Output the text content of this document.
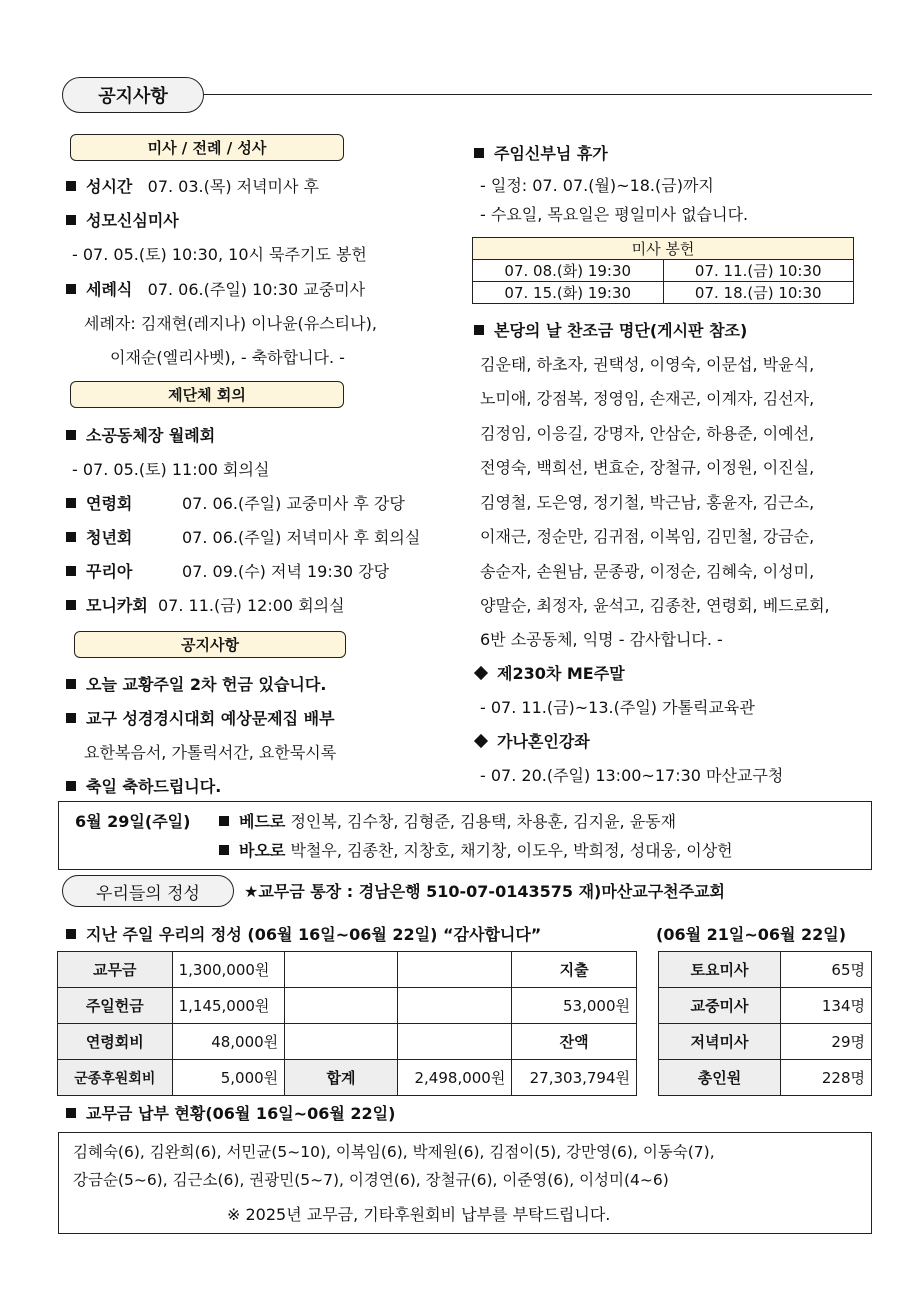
공지사항
미사 / 전례 / 성사
성시간 07. 03.(목) 저녁미사 후
성모신심미사
- 07. 05.(토) 10:30, 10시 묵주기도 봉헌
세례식 07. 06.(주일) 10:30 교중미사
세례자: 김재현(레지나) 이나윤(유스티나),
이재순(엘리사벳), - 축하합니다. -
제단체 회의
소공동체장 월례회
- 07. 05.(토) 11:00 회의실
연령회	07. 06.(주일) 교중미사 후 강당
청년회	07. 06.(주일) 저녁미사 후 회의실
꾸리아	07. 09.(수) 저녁 19:30 강당
모니카회 07. 11.(금) 12:00 회의실
공지사항
오늘 교황주일 2차 헌금 있습니다.
교구 성경경시대회 예상문제집 배부
요한복음서, 가톨릭서간, 요한묵시록
축일 축하드립니다.
주임신부님 휴가
- 일정: 07. 07.(월)~18.(금)까지
- 수요일, 목요일은 평일미사 없습니다.
미사 봉헌	
07. 08.(화) 19:30	07. 11.(금) 10:30
07. 15.(화) 19:30	07. 18.(금) 10:30
본당의 날 찬조금 명단(게시판 참조)
김운태, 하초자, 권택성, 이영숙, 이문섭, 박윤식,
노미애, 강점복, 정영임, 손재곤, 이계자, 김선자,
김정임, 이응길, 강명자, 안삼순, 하용준, 이예선,
전영숙, 백희선, 변효순, 장철규, 이정원, 이진실,
김영철, 도은영, 정기철, 박근남, 홍윤자, 김근소,
이재근, 정순만, 김귀점, 이복임, 김민철, 강금순,
송순자, 손원남, 문종광, 이정순, 김혜숙, 이성미,
양말순, 최정자, 윤석고, 김종찬, 연령회, 베드로회,
6반 소공동체, 익명 - 감사합니다. -
제230차 ME주말
- 07. 11.(금)~13.(주일) 가톨릭교육관
가나혼인강좌
- 07. 20.(주일) 13:00~17:30 마산교구청
6월 29일(주일)	베드로 정인복, 김수창, 김형준, 김용택, 차용훈, 김지윤, 윤동재
바오로 박철우, 김종찬, 지창호, 채기창, 이도우, 박희정, 성대웅, 이상헌
우리들의 정성	★교무금 통장 : 경남은행 510-07-0143575 재)마산교구천주교회
지난 주일 우리의 정성 (06월 16일~06월 22일) “감사합니다”	(06월 21일~06월 22일)
교무금	1,300,000원			지출
주일헌금	1,145,000원			53,000원
연령회비	48,000원			잔액
군종후원회비	5,000원	합계	2,498,000원	27,303,794원
토요미사	65명
교중미사	134명
저녁미사	29명
총인원	228명
교무금 납부 현황(06월 16일~06월 22일)
김혜숙(6), 김완희(6), 서민균(5~10), 이복임(6), 박제원(6), 김점이(5), 강만영(6), 이동숙(7),
강금순(5~6), 김근소(6), 권광민(5~7), 이경연(6), 장철규(6), 이준영(6), 이성미(4~6)
※ 2025년 교무금, 기타후원회비 납부를 부탁드립니다.
